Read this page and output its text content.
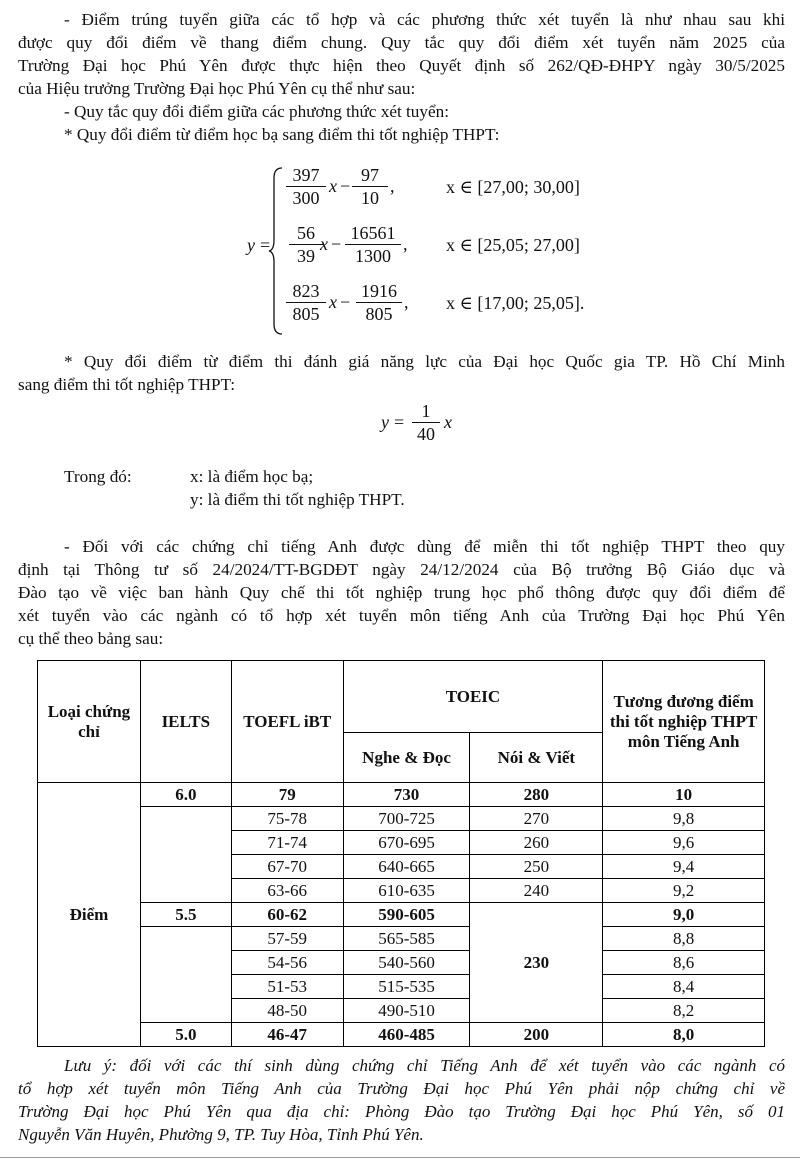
- Điểm trúng tuyển giữa các tổ hợp và các phương thức xét tuyển là như nhau sau khi
được quy đổi điểm về thang điểm chung. Quy tắc quy đổi điểm xét tuyển năm 2025 của
Trường Đại học Phú Yên được thực hiện theo Quyết định số 262/QĐ-ĐHPY ngày 30/5/2025
của Hiệu trưởng Trường Đại học Phú Yên cụ thể như sau:
- Quy tắc quy đổi điểm giữa các phương thức xét tuyển:
* Quy đổi điểm từ điểm học bạ sang điểm thi tốt nghiệp THPT:
y =
397
300
x −
97
10
,	x ∈ [27,00; 30,00]
56
39
x −
16561
1300
, x ∈ [25,05; 27,00]
823
805
x −
1916
805
, x ∈ [17,00; 25,05].
* Quy đổi điểm từ điểm thi đánh giá năng lực của Đại học Quốc gia TP. Hồ Chí Minh
sang điểm thi tốt nghiệp THPT:
y =
1
40
x
Trong đó:	x: là điểm học bạ;
y: là điểm thi tốt nghiệp THPT.
- Đối với các chứng chỉ tiếng Anh được dùng để miễn thi tốt nghiệp THPT theo quy
định tại Thông tư số 24/2024/TT-BGDĐT ngày 24/12/2024 của Bộ trưởng Bộ Giáo dục và
Đào tạo về việc ban hành Quy chế thi tốt nghiệp trung học phổ thông được quy đổi điểm để
xét tuyển vào các ngành có tổ hợp xét tuyển môn tiếng Anh của Trường Đại học Phú Yên
cụ thể theo bảng sau:
Loại chứng chỉ	IELTS	TOEFL iBT	TOEIC		Tương đương điểm thi tốt nghiệp THPT môn Tiếng Anh
			Nghe & Đọc	Nói & Viết	
Điểm	6.0	79	730	280	10
		75-78	700-725	270	9,8
		71-74	670-695	260	9,6
		67-70	640-665	250	9,4
		63-66	610-635	240	9,2
	5.5	60-62	590-605	230	9,0
		57-59	565-585		8,8
		54-56	540-560		8,6
		51-53	515-535		8,4
		48-50	490-510		8,2
	5.0	46-47	460-485	200	8,0
Lưu ý: đối với các thí sinh dùng chứng chỉ Tiếng Anh để xét tuyển vào các ngành có
tổ hợp xét tuyển môn Tiếng Anh của Trường Đại học Phú Yên phải nộp chứng chỉ về
Trường Đại học Phú Yên qua địa chỉ: Phòng Đào tạo Trường Đại học Phú Yên, số 01
Nguyễn Văn Huyên, Phường 9, TP. Tuy Hòa, Tỉnh Phú Yên.
